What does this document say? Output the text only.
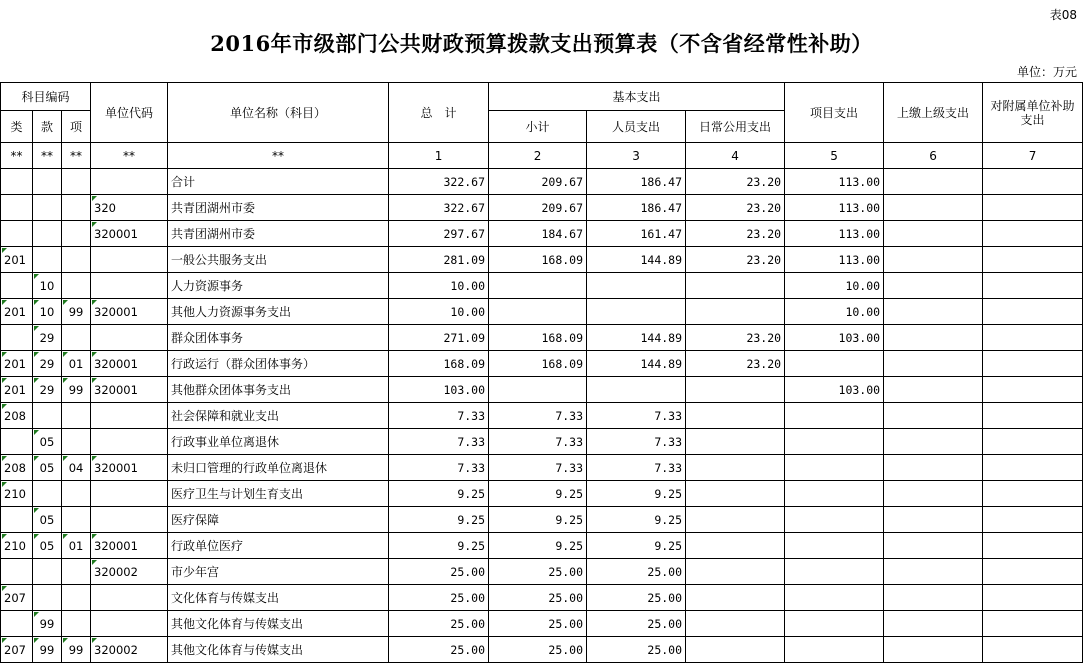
表08
2016年市级部门公共财政预算拨款支出预算表（不含省经常性补助）
单位：万元
科目编码			单位代码	单位名称（科目）	总　计	基本支出			项目支出	上缴上级支出	对附属单位补助支出
类	款	项				小计	人员支出	日常公用支出			
**	**	**	**	**	1	2	3	4	5	6	7
				合计	322.67	209.67	186.47	23.20	113.00		
			320	共青团湖州市委	322.67	209.67	186.47	23.20	113.00		
			320001	共青团湖州市委	297.67	184.67	161.47	23.20	113.00		
201				一般公共服务支出	281.09	168.09	144.89	23.20	113.00		
	10			人力资源事务	10.00				10.00		
201	10	99	320001	其他人力资源事务支出	10.00				10.00		
	29			群众团体事务	271.09	168.09	144.89	23.20	103.00		
201	29	01	320001	行政运行（群众团体事务）	168.09	168.09	144.89	23.20			
201	29	99	320001	其他群众团体事务支出	103.00				103.00		
208				社会保障和就业支出	7.33	7.33	7.33				
	05			行政事业单位离退休	7.33	7.33	7.33				
208	05	04	320001	未归口管理的行政单位离退休	7.33	7.33	7.33				
210				医疗卫生与计划生育支出	9.25	9.25	9.25				
	05			医疗保障	9.25	9.25	9.25				
210	05	01	320001	行政单位医疗	9.25	9.25	9.25				
			320002	市少年宫	25.00	25.00	25.00				
207				文化体育与传媒支出	25.00	25.00	25.00				
	99			其他文化体育与传媒支出	25.00	25.00	25.00				
207	99	99	320002	其他文化体育与传媒支出	25.00	25.00	25.00				
